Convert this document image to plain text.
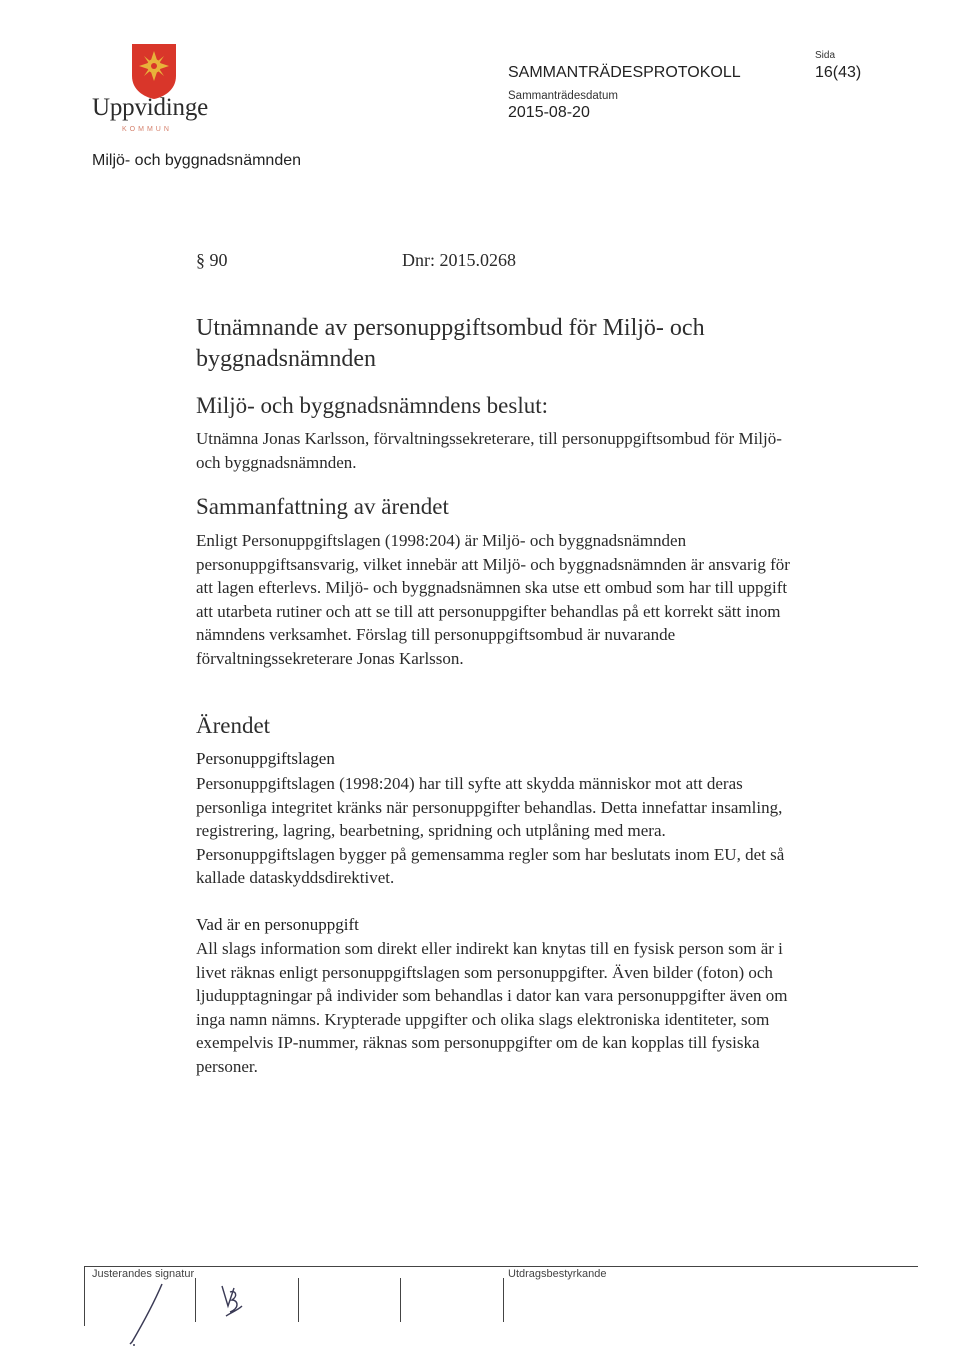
Uppvidinge
KOMMUN
SAMMANTRÄDESPROTOKOLL
Sammanträdesdatum
2015-08-20
Sida
16(43)
Miljö- och byggnadsnämnden
§ 90	Dnr: 2015.0268
Utnämnande av personuppgiftsombud för Miljö- och byggnadsnämnden
Miljö- och byggnadsnämndens beslut:

Utnämna Jonas Karlsson, förvaltningssekreterare, till personuppgiftsombud för Miljö- och byggnadsnämnden.

Sammanfattning av ärendet

Enligt Personuppgiftslagen (1998:204) är Miljö- och byggnadsnämnden personuppgiftsansvarig, vilket innebär att Miljö- och byggnadsnämnden är ansvarig för att lagen efterlevs. Miljö- och byggnadsnämnen ska utse ett ombud som har till uppgift att utarbeta rutiner och att se till att personuppgifter behandlas på ett korrekt sätt inom nämndens verksamhet. Förslag till personuppgiftsombud är nuvarande förvaltningssekreterare Jonas Karlsson.

Ärendet
Personuppgiftslagen

Personuppgiftslagen (1998:204) har till syfte att skydda människor mot att deras personliga integritet kränks när personuppgifter behandlas. Detta innefattar insamling, registrering, lagring, bearbetning, spridning och utplåning med mera. Personuppgiftslagen bygger på gemensamma regler som har beslutats inom EU, det så kallade dataskyddsdirektivet.

Vad är en personuppgift

All slags information som direkt eller indirekt kan knytas till en fysisk person som är i livet räknas enligt personuppgiftslagen som personuppgifter. Även bilder (foton) och ljudupptagningar på individer som behandlas i dator kan vara personuppgifter även om inga namn nämns. Krypterade uppgifter och olika slags elektroniska identiteter, som exempelvis IP-nummer, räknas som personuppgifter om de kan kopplas till fysiska personer.

Justerandes signatur	Utdragsbestyrkande
